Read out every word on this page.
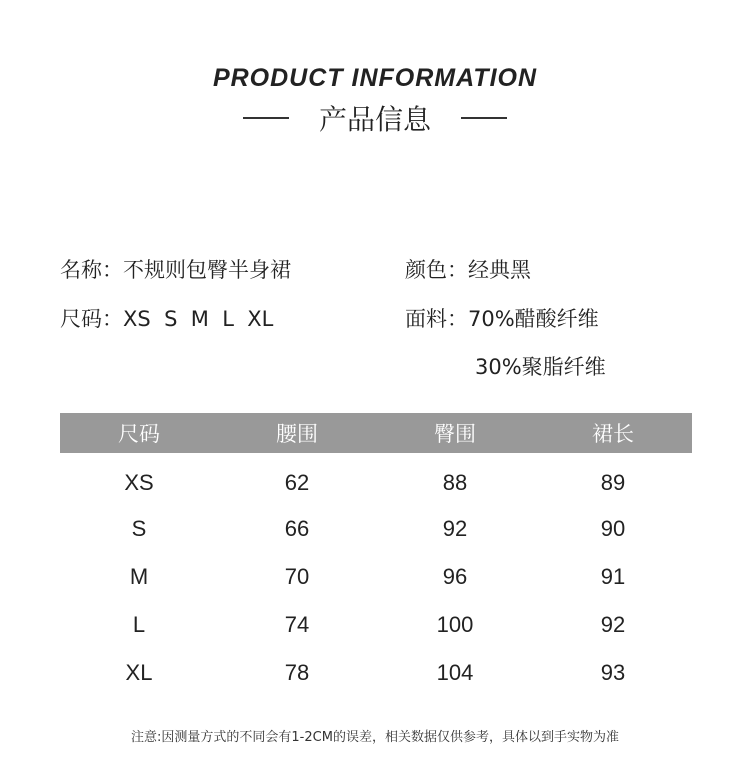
PRODUCT INFORMATION
产品信息
名称：不规则包臀半身裙
尺码：XS  S  M  L  XL
颜色：经典黑
面料：70%醋酸纤维
30%聚脂纤维
尺码	腰围	臀围	裙长
XS	62	88	89
S	66	92	90
M	70	96	91
L	74	100	92
XL	78	104	93
注意:因测量方式的不同会有1-2CM的误差，相关数据仅供参考，具体以到手实物为准
